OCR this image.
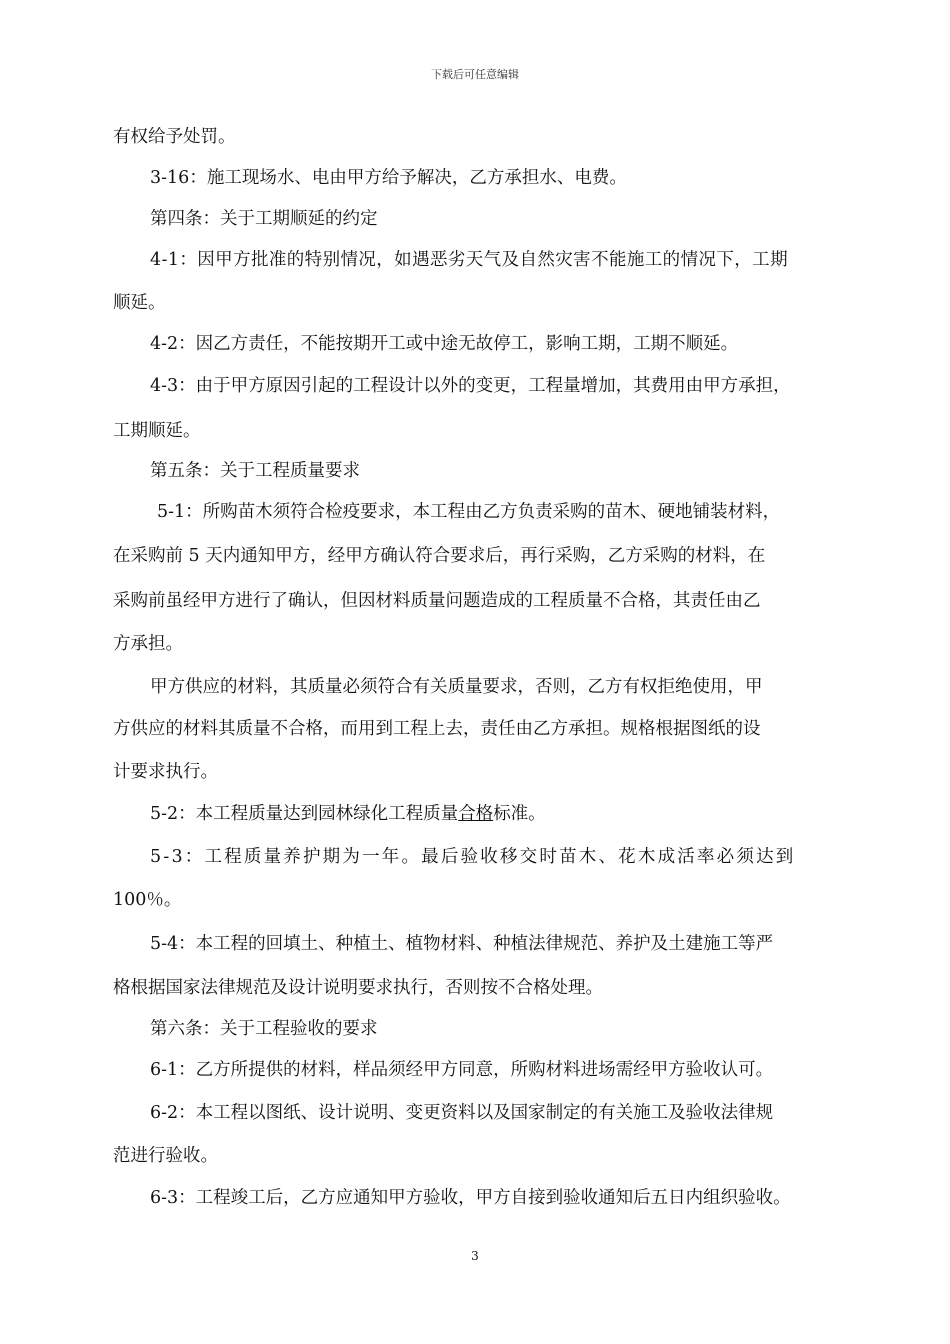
下载后可任意编辑
有权给予处罚。
3-16：施工现场水、电由甲方给予解决，乙方承担水、电费。
第四条：关于工期顺延的约定
4-1：因甲方批准的特别情况，如遇恶劣天气及自然灾害不能施工的情况下，工期
顺延。
4-2：因乙方责任，不能按期开工或中途无故停工，影响工期，工期不顺延。
4-3：由于甲方原因引起的工程设计以外的变更，工程量增加，其费用由甲方承担，
工期顺延。
第五条：关于工程质量要求
5-1：所购苗木须符合检疫要求，本工程由乙方负责采购的苗木、硬地铺装材料，
在采购前 5 天内通知甲方，经甲方确认符合要求后，再行采购，乙方采购的材料，在
采购前虽经甲方进行了确认，但因材料质量问题造成的工程质量不合格，其责任由乙
方承担。
甲方供应的材料，其质量必须符合有关质量要求，否则，乙方有权拒绝使用，甲
方供应的材料其质量不合格，而用到工程上去，责任由乙方承担。规格根据图纸的设
计要求执行。
5-2：本工程质量达到园林绿化工程质量合格标准。
5-3：工程质量养护期为一年。最后验收移交时苗木、花木成活率必须达到
100％。
5-4：本工程的回填土、种植土、植物材料、种植法律规范、养护及土建施工等严
格根据国家法律规范及设计说明要求执行，否则按不合格处理。
第六条：关于工程验收的要求
6-1：乙方所提供的材料，样品须经甲方同意，所购材料进场需经甲方验收认可。
6-2：本工程以图纸、设计说明、变更资料以及国家制定的有关施工及验收法律规
范进行验收。
6-3：工程竣工后，乙方应通知甲方验收，甲方自接到验收通知后五日内组织验收。
3
